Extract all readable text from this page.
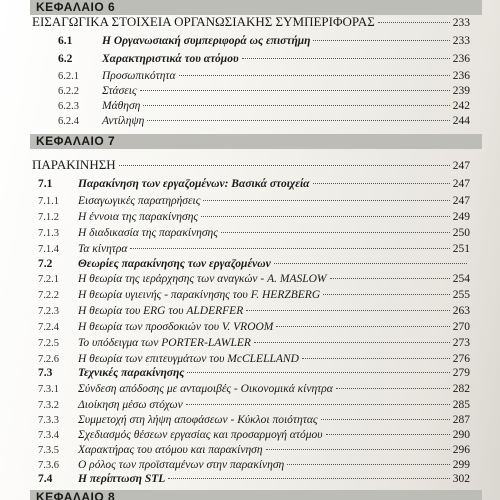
ΚΕΦΑΛΑΙΟ 6
ΕΙΣΑΓΩΓΙΚΑ ΣΤΟΙΧΕΙΑ ΟΡΓΑΝΩΣΙΑΚΗΣ ΣΥΜΠΕΡΙΦΟΡΑΣ	233
6.1	Η Οργανωσιακή συμπεριφορά ως επιστήμη	233
6.2	Χαρακτηριστικά του ατόμου	236
6.2.1	Προσωπικότητα	236
6.2.2	Στάσεις	239
6.2.3	Μάθηση	242
6.2.4	Αντίληψη	244
ΚΕΦΑΛΑΙΟ 7
ΠΑΡΑΚΙΝΗΣΗ	247
7.1	Παρακίνηση των εργαζομένων: Βασικά στοιχεία	247
7.1.1	Εισαγωγικές παρατηρήσεις	247
7.1.2	Η έννοια της παρακίνησης	249
7.1.3	Η διαδικασία της παρακίνησης	250
7.1.4	Τα κίνητρα	251
7.2	Θεωρίες παρακίνησης των εργαζομένων
7.2.1	Η θεωρία της ιεράρχησης των αναγκών - A. MASLOW	254
7.2.2	Η θεωρία υγιεινής - παρακίνησης του F. HERZBERG	255
7.2.3	Η θεωρία του ERG του ALDERFER	263
7.2.4	Η θεωρία των προσδοκιών του V. VROOM	270
7.2.5	Το υπόδειγμα των PORTER-LAWLER	273
7.2.6	Η θεωρία των επιτευγμάτων του McCLELLAND	276
7.3	Τεχνικές παρακίνησης	279
7.3.1	Σύνδεση απόδοσης με ανταμοιβές - Οικονομικά κίνητρα	282
7.3.2	Διοίκηση μέσω στόχων	285
7.3.3	Συμμετοχή στη λήψη αποφάσεων - Κύκλοι ποιότητας	287
7.3.4	Σχεδιασμός θέσεων εργασίας και προσαρμογή ατόμου	290
7.3.5	Χαρακτήρας του ατόμου και παρακίνηση	296
7.3.6	Ο ρόλος των προϊσταμένων στην παρακίνηση	299
7.4	Η περίπτωση STL	302
ΚΕΦΑΛΑΙΟ 8
